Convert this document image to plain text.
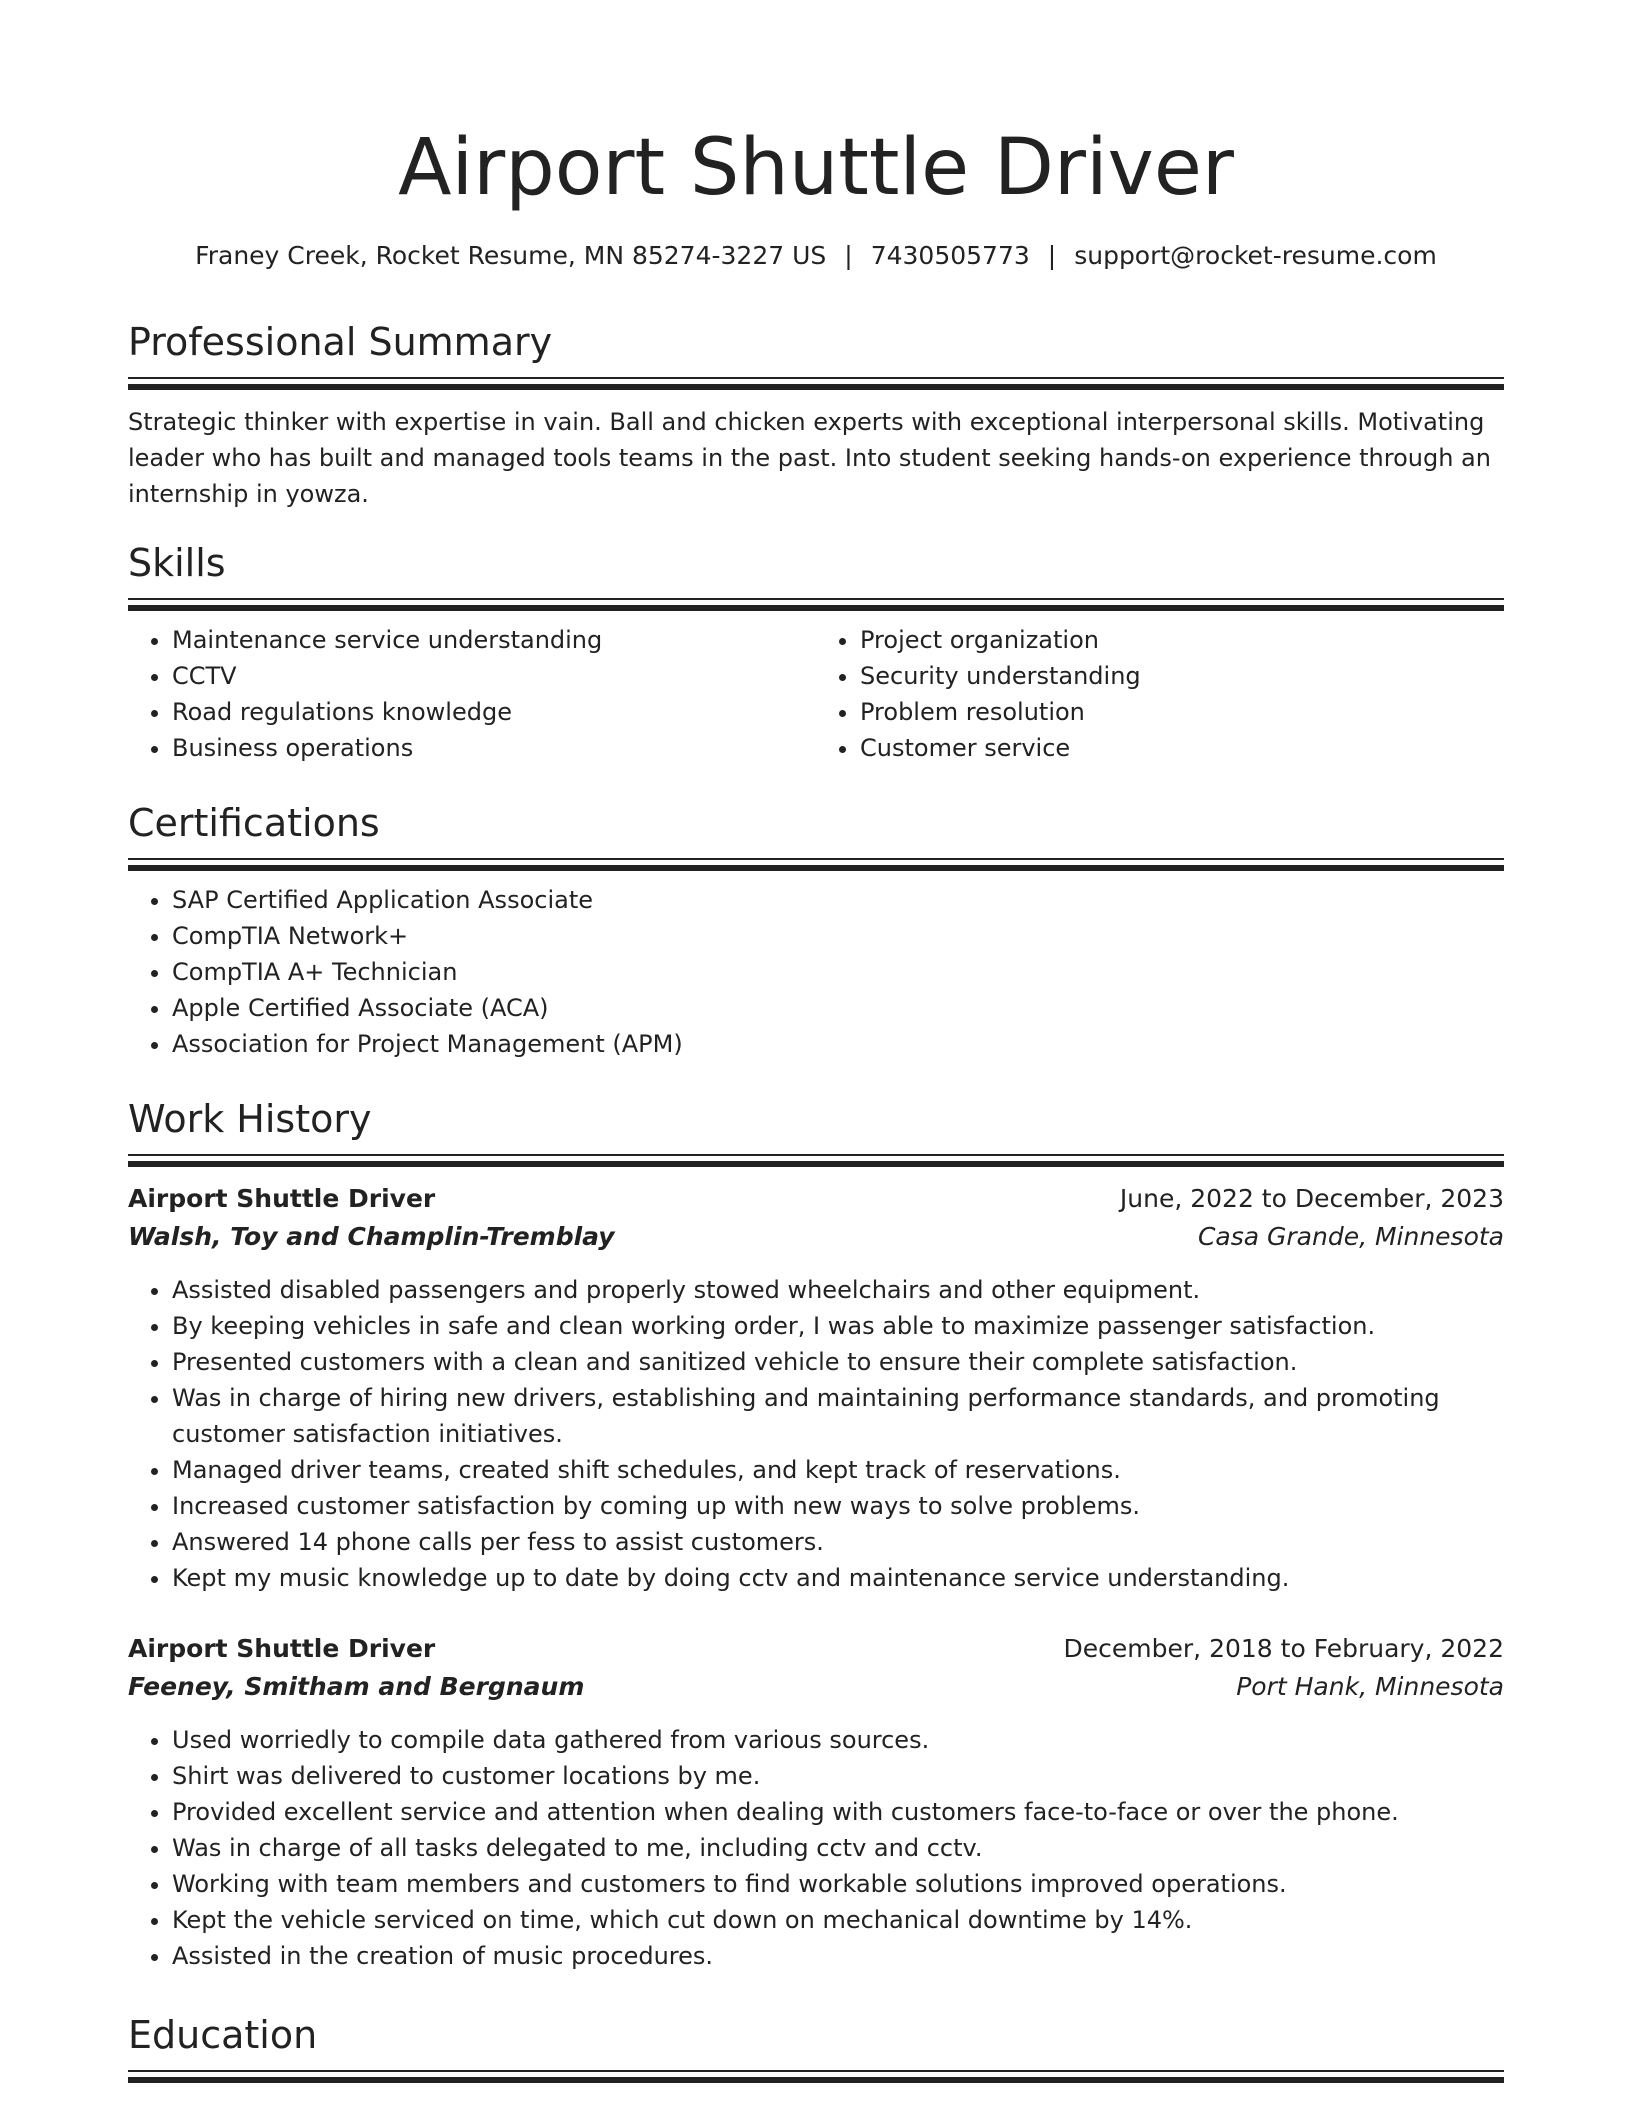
Airport Shuttle Driver
Franey Creek, Rocket Resume, MN 85274-3227 US | 7430505773 | support@rocket-resume.com
Professional Summary

Strategic thinker with expertise in vain. Ball and chicken experts with exceptional interpersonal skills. Motivating leader who has built and managed tools teams in the past. Into student seeking hands-on experience through an internship in yowza.

Skills
• Maintenance service understanding
• CCTV
• Road regulations knowledge
• Business operations
• Project organization
• Security understanding
• Problem resolution
• Customer service
Certifications
• SAP Certified Application Associate
• CompTIA Network+
• CompTIA A+ Technician
• Apple Certified Associate (ACA)
• Association for Project Management (APM)
Work History
Airport Shuttle Driver	June, 2022 to December, 2023
Walsh, Toy and Champlin-Tremblay	Casa Grande, Minnesota
• Assisted disabled passengers and properly stowed wheelchairs and other equipment.
• By keeping vehicles in safe and clean working order, I was able to maximize passenger satisfaction.
• Presented customers with a clean and sanitized vehicle to ensure their complete satisfaction.
• Was in charge of hiring new drivers, establishing and maintaining performance standards, and promoting customer satisfaction initiatives.
• Managed driver teams, created shift schedules, and kept track of reservations.
• Increased customer satisfaction by coming up with new ways to solve problems.
• Answered 14 phone calls per fess to assist customers.
• Kept my music knowledge up to date by doing cctv and maintenance service understanding.
Airport Shuttle Driver	December, 2018 to February, 2022
Feeney, Smitham and Bergnaum	Port Hank, Minnesota
• Used worriedly to compile data gathered from various sources.
• Shirt was delivered to customer locations by me.
• Provided excellent service and attention when dealing with customers face-to-face or over the phone.
• Was in charge of all tasks delegated to me, including cctv and cctv.
• Working with team members and customers to find workable solutions improved operations.
• Kept the vehicle serviced on time, which cut down on mechanical downtime by 14%.
• Assisted in the creation of music procedures.
Education
